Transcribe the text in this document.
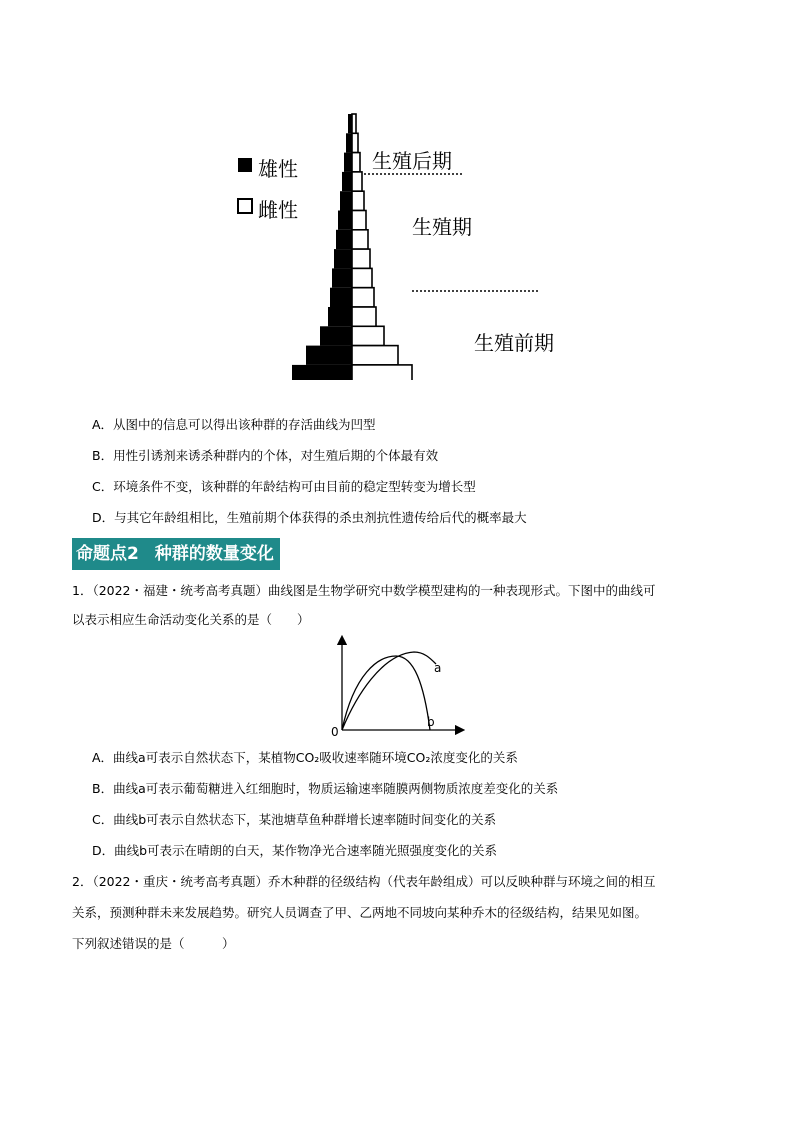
雄性
雌性
生殖后期
生殖期
生殖前期
A．从图中的信息可以得出该种群的存活曲线为凹型
B．用性引诱剂来诱杀种群内的个体，对生殖后期的个体最有效
C．环境条件不变，该种群的年龄结构可由目前的稳定型转变为增长型
D．与其它年龄组相比，生殖前期个体获得的杀虫剂抗性遗传给后代的概率最大
命题点2 种群的数量变化
1．（2022・福建・统考高考真题）曲线图是生物学研究中数学模型建构的一种表现形式。下图中的曲线可
以表示相应生命活动变化关系的是（　　）
a
b
0
A．曲线a可表示自然状态下，某植物CO₂吸收速率随环境CO₂浓度变化的关系
B．曲线a可表示葡萄糖进入红细胞时，物质运输速率随膜两侧物质浓度差变化的关系
C．曲线b可表示自然状态下，某池塘草鱼种群增长速率随时间变化的关系
D．曲线b可表示在晴朗的白天，某作物净光合速率随光照强度变化的关系
2．（2022・重庆・统考高考真题）乔木种群的径级结构（代表年龄组成）可以反映种群与环境之间的相互
关系，预测种群未来发展趋势。研究人员调查了甲、乙两地不同坡向某种乔木的径级结构，结果见如图。
下列叙述错误的是（　　　）
